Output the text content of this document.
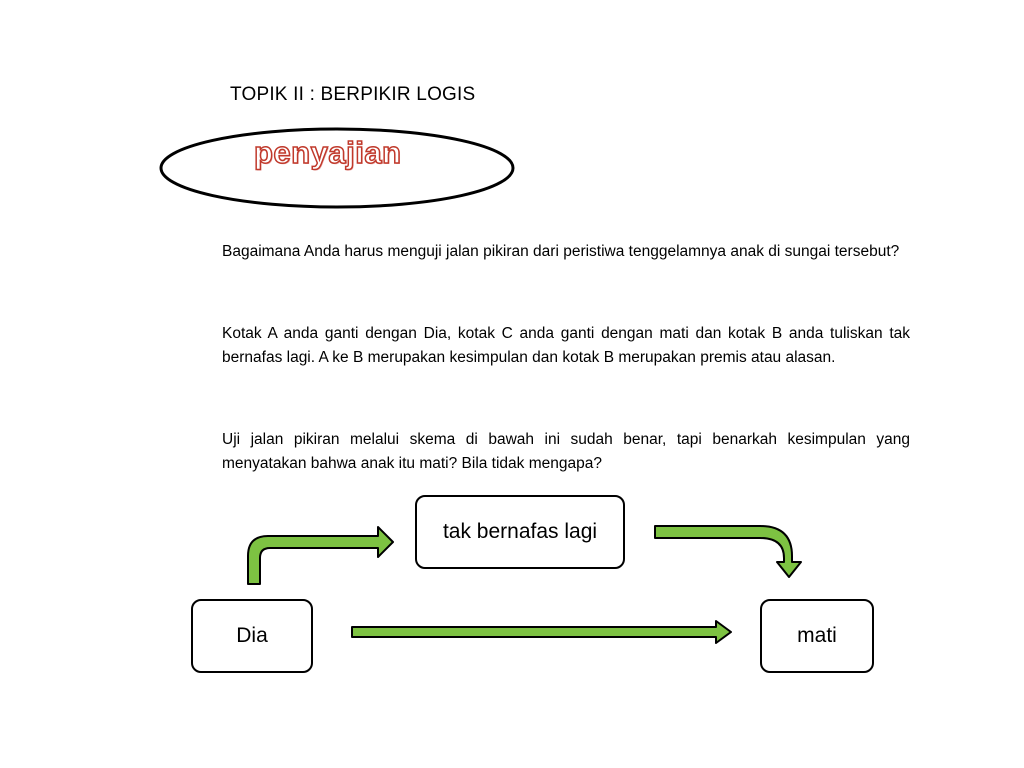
TOPIK II : BERPIKIR LOGIS
penyajian
Bagaimana Anda harus menguji jalan pikiran dari peristiwa tenggelamnya anak di sungai tersebut?
Kotak A anda ganti dengan Dia, kotak C anda ganti dengan mati dan kotak B anda tuliskan tak bernafas lagi. A ke B merupakan kesimpulan dan kotak B merupakan premis atau alasan.
Uji jalan pikiran melalui skema di bawah ini sudah benar, tapi benarkah kesimpulan yang menyatakan bahwa anak itu mati? Bila tidak mengapa?
tak bernafas lagi
Dia	mati
